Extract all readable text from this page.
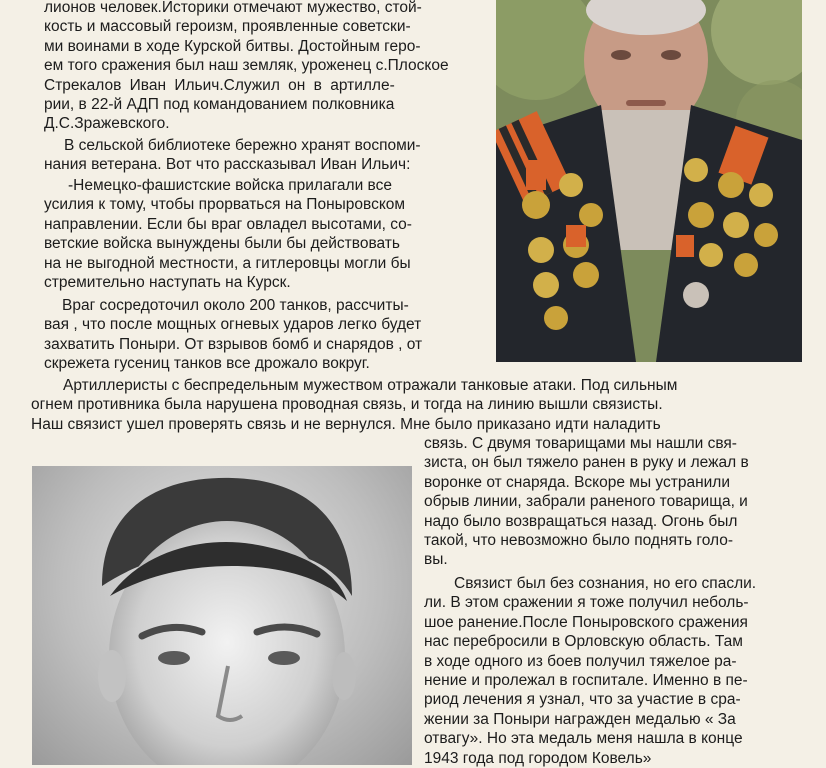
лионов человек.Историки отмечают мужество, стой-
кость и массовый героизм, проявленные советски-
ми воинами в ходе Курской битвы. Достойным геро-
ем того сражения был наш земляк, уроженец с.Плоское
Стрекалов Иван Ильич.Служил он в артилле-
рии, в 22-й АДП под командованием полковника
Д.С.Зражевского.
В сельской библиотеке бережно хранят воспоми-
нания ветерана. Вот что рассказывал Иван Ильич:
-Немецко-фашистские войска прилагали все
усилия к тому, чтобы прорваться на Поныровском
направлении. Если бы враг овладел высотами, со-
ветские войска вынуждены были бы действовать
на не выгодной местности, а гитлеровцы могли бы
стремительно наступать на Курск.
Враг сосредоточил около 200 танков, рассчиты-
вая , что после мощных огневых ударов легко будет
захватить Поныри. От взрывов бомб и снарядов , от
скрежета гусениц танков все дрожало вокруг.
Артиллеристы с беспредельным мужеством отражали танковые атаки. Под сильным
огнем противника была нарушена проводная связь, и тогда на линию вышли связисты.
Наш связист ушел проверять связь и не вернулся. Мне было приказано идти наладить
связь. С двумя товарищами мы нашли свя-
зиста, он был тяжело ранен в руку и лежал в
воронке от снаряда. Вскоре мы устранили
обрыв линии, забрали раненого товарища, и
надо было возвращаться назад. Огонь был
такой, что невозможно было поднять голо-
вы.
Связист был без сознания, но его спасли.
ли. В этом сражении я тоже получил неболь-
шое ранение.После Поныровского сражения
нас перебросили в Орловскую область. Там
в ходе одного из боев получил тяжелое ра-
нение и пролежал в госпитале. Именно в пе-
риод лечения я узнал, что за участие в сра-
жении за Поныри награжден медалью « За
отвагу». Но эта медаль меня нашла в конце
1943 года под городом Ковель»
